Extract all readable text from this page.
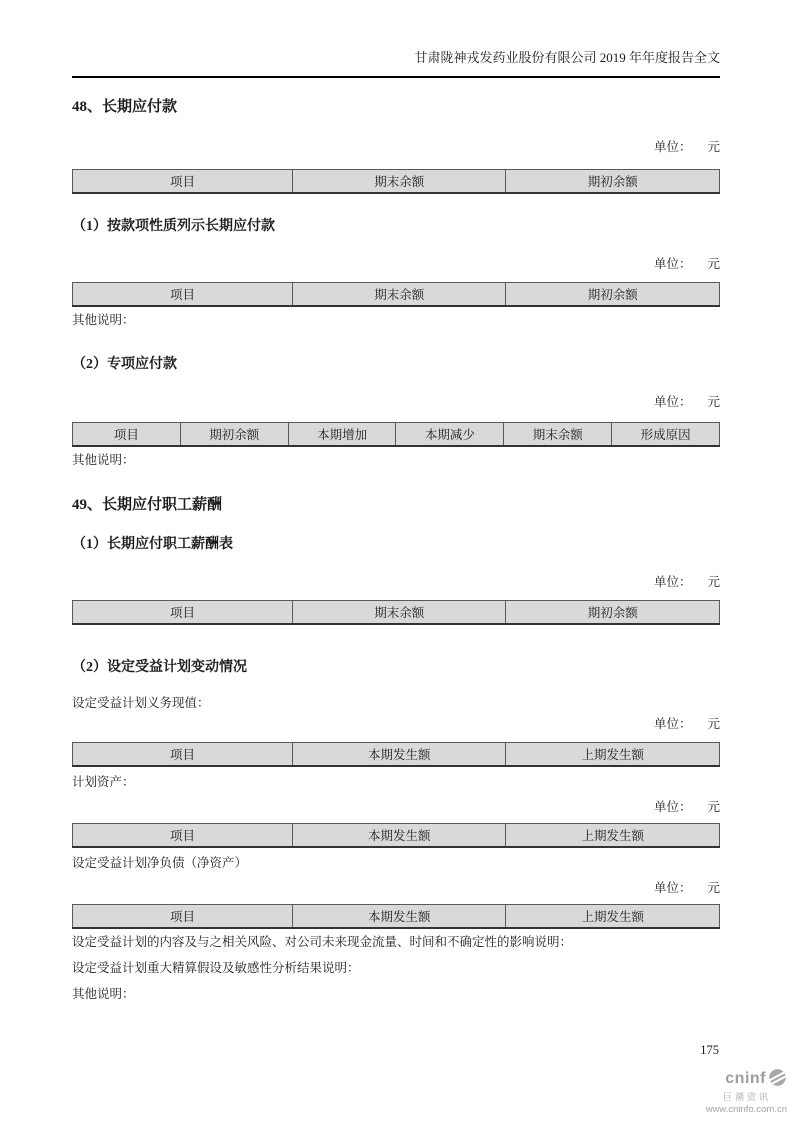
甘肃陇神戎发药业股份有限公司 2019 年年度报告全文
48、长期应付款
单位： 元
项目	期末余额	期初余额
（1）按款项性质列示长期应付款
单位： 元
项目	期末余额	期初余额
其他说明：
（2）专项应付款
单位： 元
项目	期初余额	本期增加	本期减少	期末余额	形成原因
其他说明：
49、长期应付职工薪酬
（1）长期应付职工薪酬表
单位： 元
项目	期末余额	期初余额
（2）设定受益计划变动情况
设定受益计划义务现值：
单位： 元
项目	本期发生额	上期发生额
计划资产：
单位： 元
项目	本期发生额	上期发生额
设定受益计划净负债（净资产）
单位： 元
项目	本期发生额	上期发生额
设定受益计划的内容及与之相关风险、对公司未来现金流量、时间和不确定性的影响说明：
设定受益计划重大精算假设及敏感性分析结果说明：
其他说明：
175
cninf
巨潮资讯
www.cninfo.com.cn
